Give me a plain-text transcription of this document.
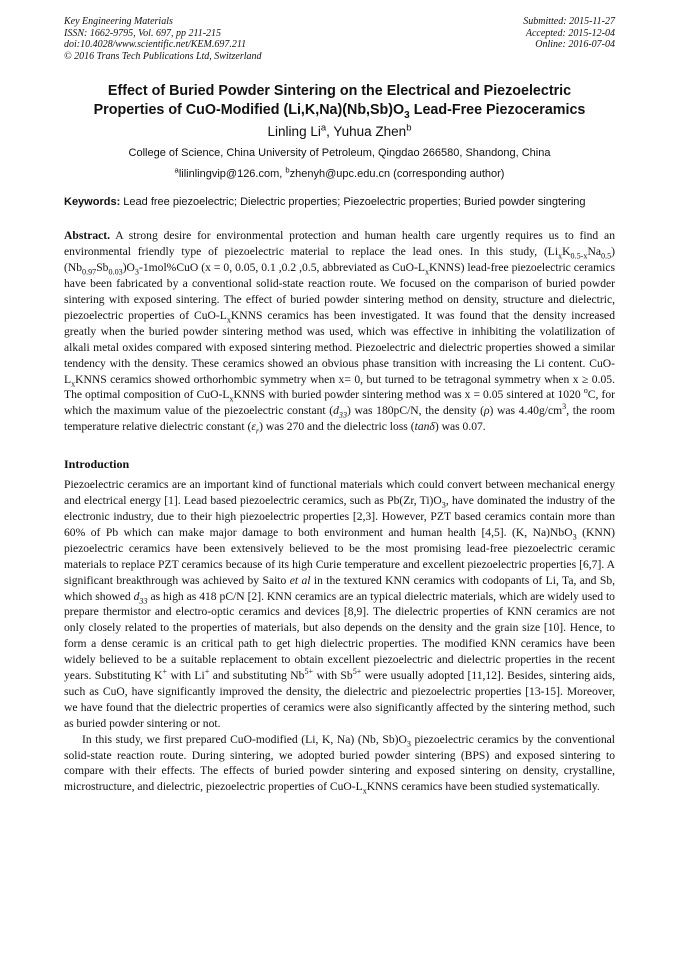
Key Engineering Materials
ISSN: 1662-9795, Vol. 697, pp 211-215
doi:10.4028/www.scientific.net/KEM.697.211
© 2016 Trans Tech Publications Ltd, Switzerland
Submitted: 2015-11-27
Accepted: 2015-12-04
Online: 2016-07-04
Effect of Buried Powder Sintering on the Electrical and Piezoelectric
Properties of CuO-Modified $(Li,K,Na)(Nb,Sb)O_3$ Lead-Free Piezoceramics
Linling Li$^a$, Yuhua Zhen$^b$
College of Science, China University of Petroleum, Qingdao 266580, Shandong, China
$^a$lilinlingvip@126.com, $^b$zhenyh@upc.edu.cn (corresponding author)
Keywords: Lead free piezoelectric; Dielectric properties; Piezoelectric properties; Buried powder singtering
Abstract. A strong desire for environmental protection and human health care urgently requires us to find an environmental friendly type of piezoelectric material to replace the lead ones. In this study, $(Li_xK_{0.5-x}Na_{0.5})(Nb_{0.97}Sb_{0.03})O_3-1mol\%CuO$ (x = 0, 0.05, 0.1 ,0.2 ,0.5, abbreviated as CuO-$L_xKNNS$) lead-free piezoelectric ceramics have been fabricated by a conventional solid-state reaction route. We focused on the comparison of buried powder sintering with exposed sintering. The effect of buried powder sintering method on density, structure and dielectric, piezoelectric properties of CuO-$L_xKNNS$ ceramics has been investigated. It was found that the density increased greatly when the buried powder sintering method was used, which was effective in inhibiting the volatilization of alkali metal oxides compared with exposed sintering method. Piezoelectric and dielectric properties showed a similar tendency with the density. These ceramics showed an obvious phase transition with increasing the Li content. CuO-$L_xKNNS$ ceramics showed orthorhombic symmetry when x= 0, but turned to be tetragonal symmetry when x ≥ 0.05. The optimal composition of CuO-$L_xKNNS$ with buried powder sintering method was x = 0.05 sintered at 1020 $^o$C, for which the maximum value of the piezoelectric constant $(d_{33})$ was 180pC/N, the density (ρ) was $4.40g/cm^3$, the room temperature relative dielectric constant $(\varepsilon_r)$ was 270 and the dielectric loss (tanδ) was 0.07.
Introduction
Piezoelectric ceramics are an important kind of functional materials which could convert between mechanical energy and electrical energy [1]. Lead based piezoelectric ceramics, such as Pb(Zr, $Ti)O_3$, have dominated the industry of the electronic industry, due to their high piezoelectric properties [2,3]. However, PZT based ceramics contain more than 60% of Pb which can make major damage to both environment and human health [4,5]. (K, Na)NbO$_3$ (KNN) piezoelectric ceramics have been extensively believed to be the most promising lead-free piezoelectric ceramic materials to replace PZT ceramics because of its high Curie temperature and excellent piezoelectric properties [6,7]. A significant breakthrough was achieved by Saito et al in the textured KNN ceramics with codopants of Li, Ta, and Sb, which showed $d_{33}$ as high as 418 pC/N [2]. KNN ceramics are an typical dielectric materials, which are widely used to prepare thermistor and electro-optic ceramics and devices [8,9]. The dielectric properties of KNN ceramics are not only closely related to the properties of materials, but also depends on the density and the grain size [10]. Hence, to form a dense ceramic is an critical path to get high dielectric properties. The modified KNN ceramics have been widely believed to be a suitable replacement to obtain excellent piezoelectric and dielectric properties in the recent years. Substituting K+ with Li+ and substituting $Nb^{5+}$ with $Sb^{5+}$ were usually adopted [11,12]. Besides, sintering aids, such as CuO, have significantly improved the density, the dielectric and piezoelectric properties [13-15]. Moreover, we have found that the dielectric properties of ceramics were also significantly affected by the sintering method, such as buried powder sintering or not.
In this study, we first prepared CuO-modified (Li, K, Na) (Nb, $Sb)O_3$ piezoelectric ceramics by the conventional solid-state reaction route. During sintering, we adopted buried powder sintering (BPS) and exposed sintering to compare with their effects. The effects of buried powder sintering and exposed sintering on density, crystalline, microstructure, and dielectric, piezoelectric properties of CuO-$L_xKNNS$ ceramics have been studied systematically.
